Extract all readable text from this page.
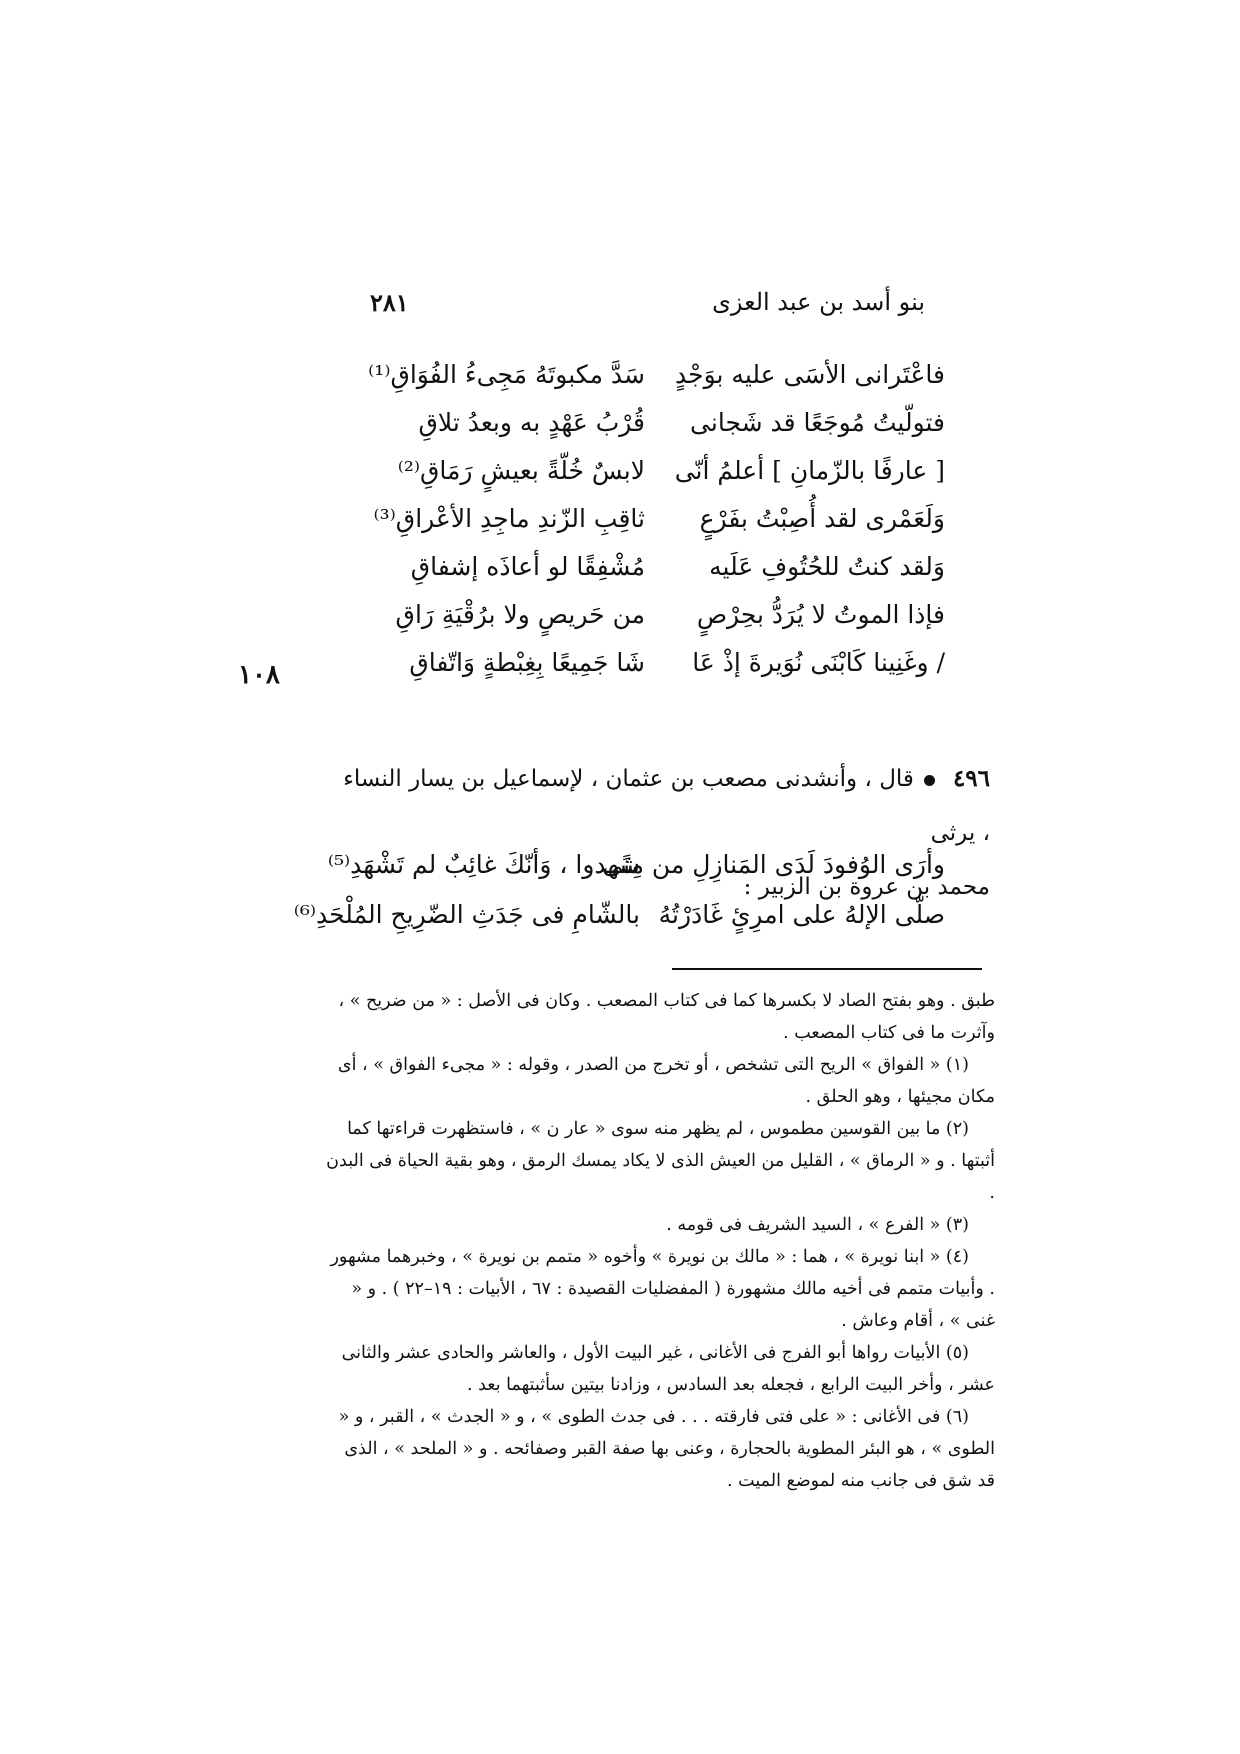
بنو أسد بن عبد العزى
٢٨١
فاعْتَرانى الأسَى عليه بوَجْدٍ
سَدَّ مكبوتَهُ مَجِىءُ الفُوَاقِ⁽¹⁾
فتولّيتُ مُوجَعًا قد شَجانى
قُرْبُ عَهْدٍ به وبعدُ تلاقِ
[ عارفًا بالزّمانِ ] أعلمُ أنّى
لابسٌ خُلّةً بعيشٍ رَمَاقِ⁽²⁾
وَلَعَمْرى لقد أُصِبْتُ بفَرْعٍ
ثاقِبِ الزّندِ ماجِدِ الأعْراقِ⁽³⁾
وَلقد كنتُ للحُتُوفِ عَلَيه
مُشْفِقًا لو أعاذَه إشفاقِ
فإذا الموتُ لا يُرَدُّ بحِرْصٍ
من حَريصٍ ولا برُقْيَةِ رَاقِ
/ وغَنِينا كَابْنَى نُوَيرةَ إذْ عَا
شَا جَمِيعًا بِغِبْطةٍ وَاتّفاقِ
١٠٨
٤٩٦قال ، وأنشدنى مصعب بن عثمان ، لإسماعيل بن يسار النساء ، يرثى
محمد بن عروة بن الزبير :
وأرَى الوُفودَ لَدَى المَنازِلِ من مِنًى
شهدوا ، وَأنّكَ غائِبٌ لم تَشْهَدِ⁽⁵⁾
صلّى الإلهُ على امرِئٍ غَادَرْتُهُ
بالشّامِ فى جَدَثِ الضّرِيحِ المُلْحَدِ⁽⁶⁾

طبق . وهو بفتح الصاد لا بكسرها كما فى كتاب المصعب . وكان فى الأصل : « من ضريح » ، وآثرت ما فى كتاب المصعب .

(١) « الفواق » الريح التى تشخص ، أو تخرج من الصدر ، وقوله : « مجىء الفواق » ، أى مكان مجيئها ، وهو الحلق .

(٢) ما بين القوسين مطموس ، لم يظهر منه سوى « عار ن » ، فاستظهرت قراءتها كما أثبتها . و « الرماق » ، القليل من العيش الذى لا يكاد يمسك الرمق ، وهو بقية الحياة فى البدن .

(٣) « الفرع » ، السيد الشريف فى قومه .

(٤) « ابنا نويرة » ، هما : « مالك بن نويرة » وأخوه « متمم بن نويرة » ، وخبرهما مشهور . وأبيات متمم فى أخيه مالك مشهورة ( المفضليات القصيدة : ٦٧ ، الأبيات : ١٩–٢٢ ) . و « غنى » ، أقام وعاش .

(٥) الأبيات رواها أبو الفرج فى الأغانى ، غير البيت الأول ، والعاشر والحادى عشر والثانى عشر ، وأخر البيت الرابع ، فجعله بعد السادس ، وزادنا بيتين سأثبتهما بعد .

(٦) فى الأغانى : « على فتى فارقته . . . فى جدث الطوى » ، و « الجدث » ، القبر ، و « الطوى » ، هو البئر المطوية بالحجارة ، وعنى بها صفة القبر وصفائحه . و « الملحد » ، الذى قد شق فى جانب منه لموضع الميت .
